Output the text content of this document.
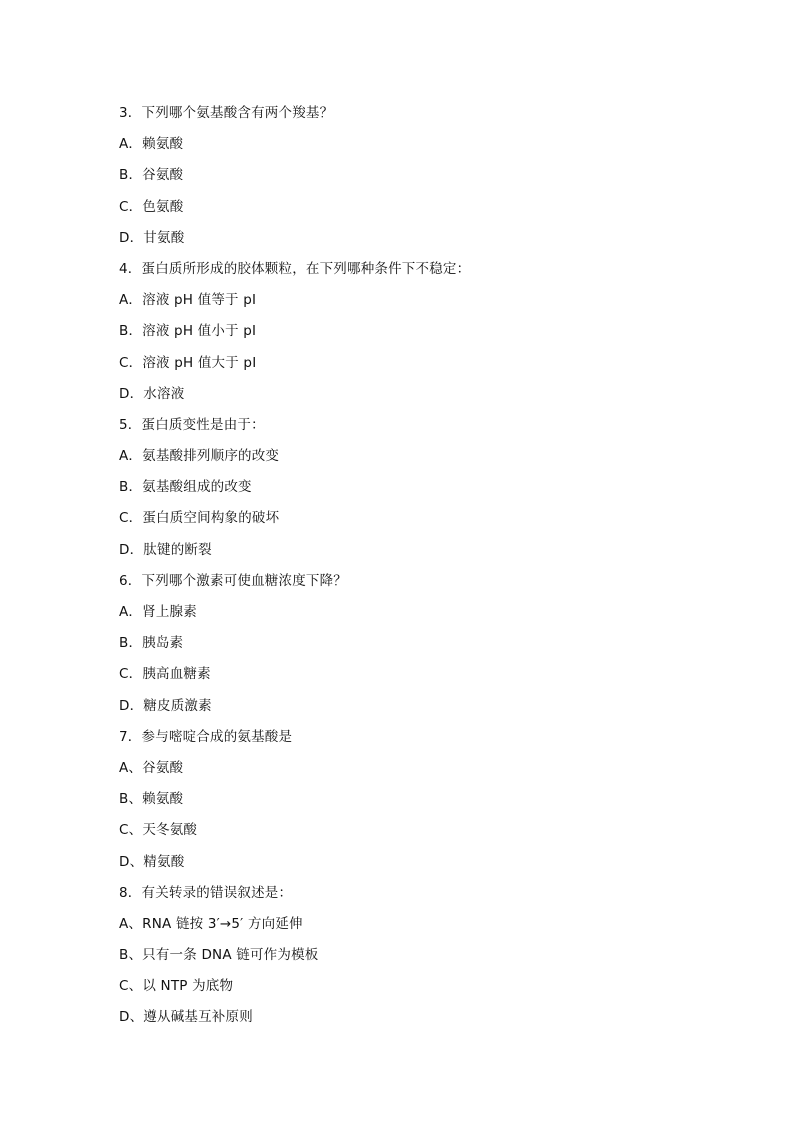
3．下列哪个氨基酸含有两个羧基？
A．赖氨酸
B．谷氨酸
C．色氨酸
D．甘氨酸
4．蛋白质所形成的胶体颗粒，在下列哪种条件下不稳定：
A．溶液 pH 值等于 pI
B．溶液 pH 值小于 pI
C．溶液 pH 值大于 pI
D．水溶液
5．蛋白质变性是由于：
A．氨基酸排列顺序的改变
B．氨基酸组成的改变
C．蛋白质空间构象的破坏
D．肽键的断裂
6．下列哪个激素可使血糖浓度下降？
A．肾上腺素
B．胰岛素
C．胰高血糖素
D．糖皮质激素
7．参与嘧啶合成的氨基酸是
A、谷氨酸
B、赖氨酸
C、天冬氨酸
D、精氨酸
8．有关转录的错误叙述是：
A、RNA 链按 3′→5′ 方向延伸
B、只有一条 DNA 链可作为模板
C、以 NTP 为底物
D、遵从碱基互补原则
